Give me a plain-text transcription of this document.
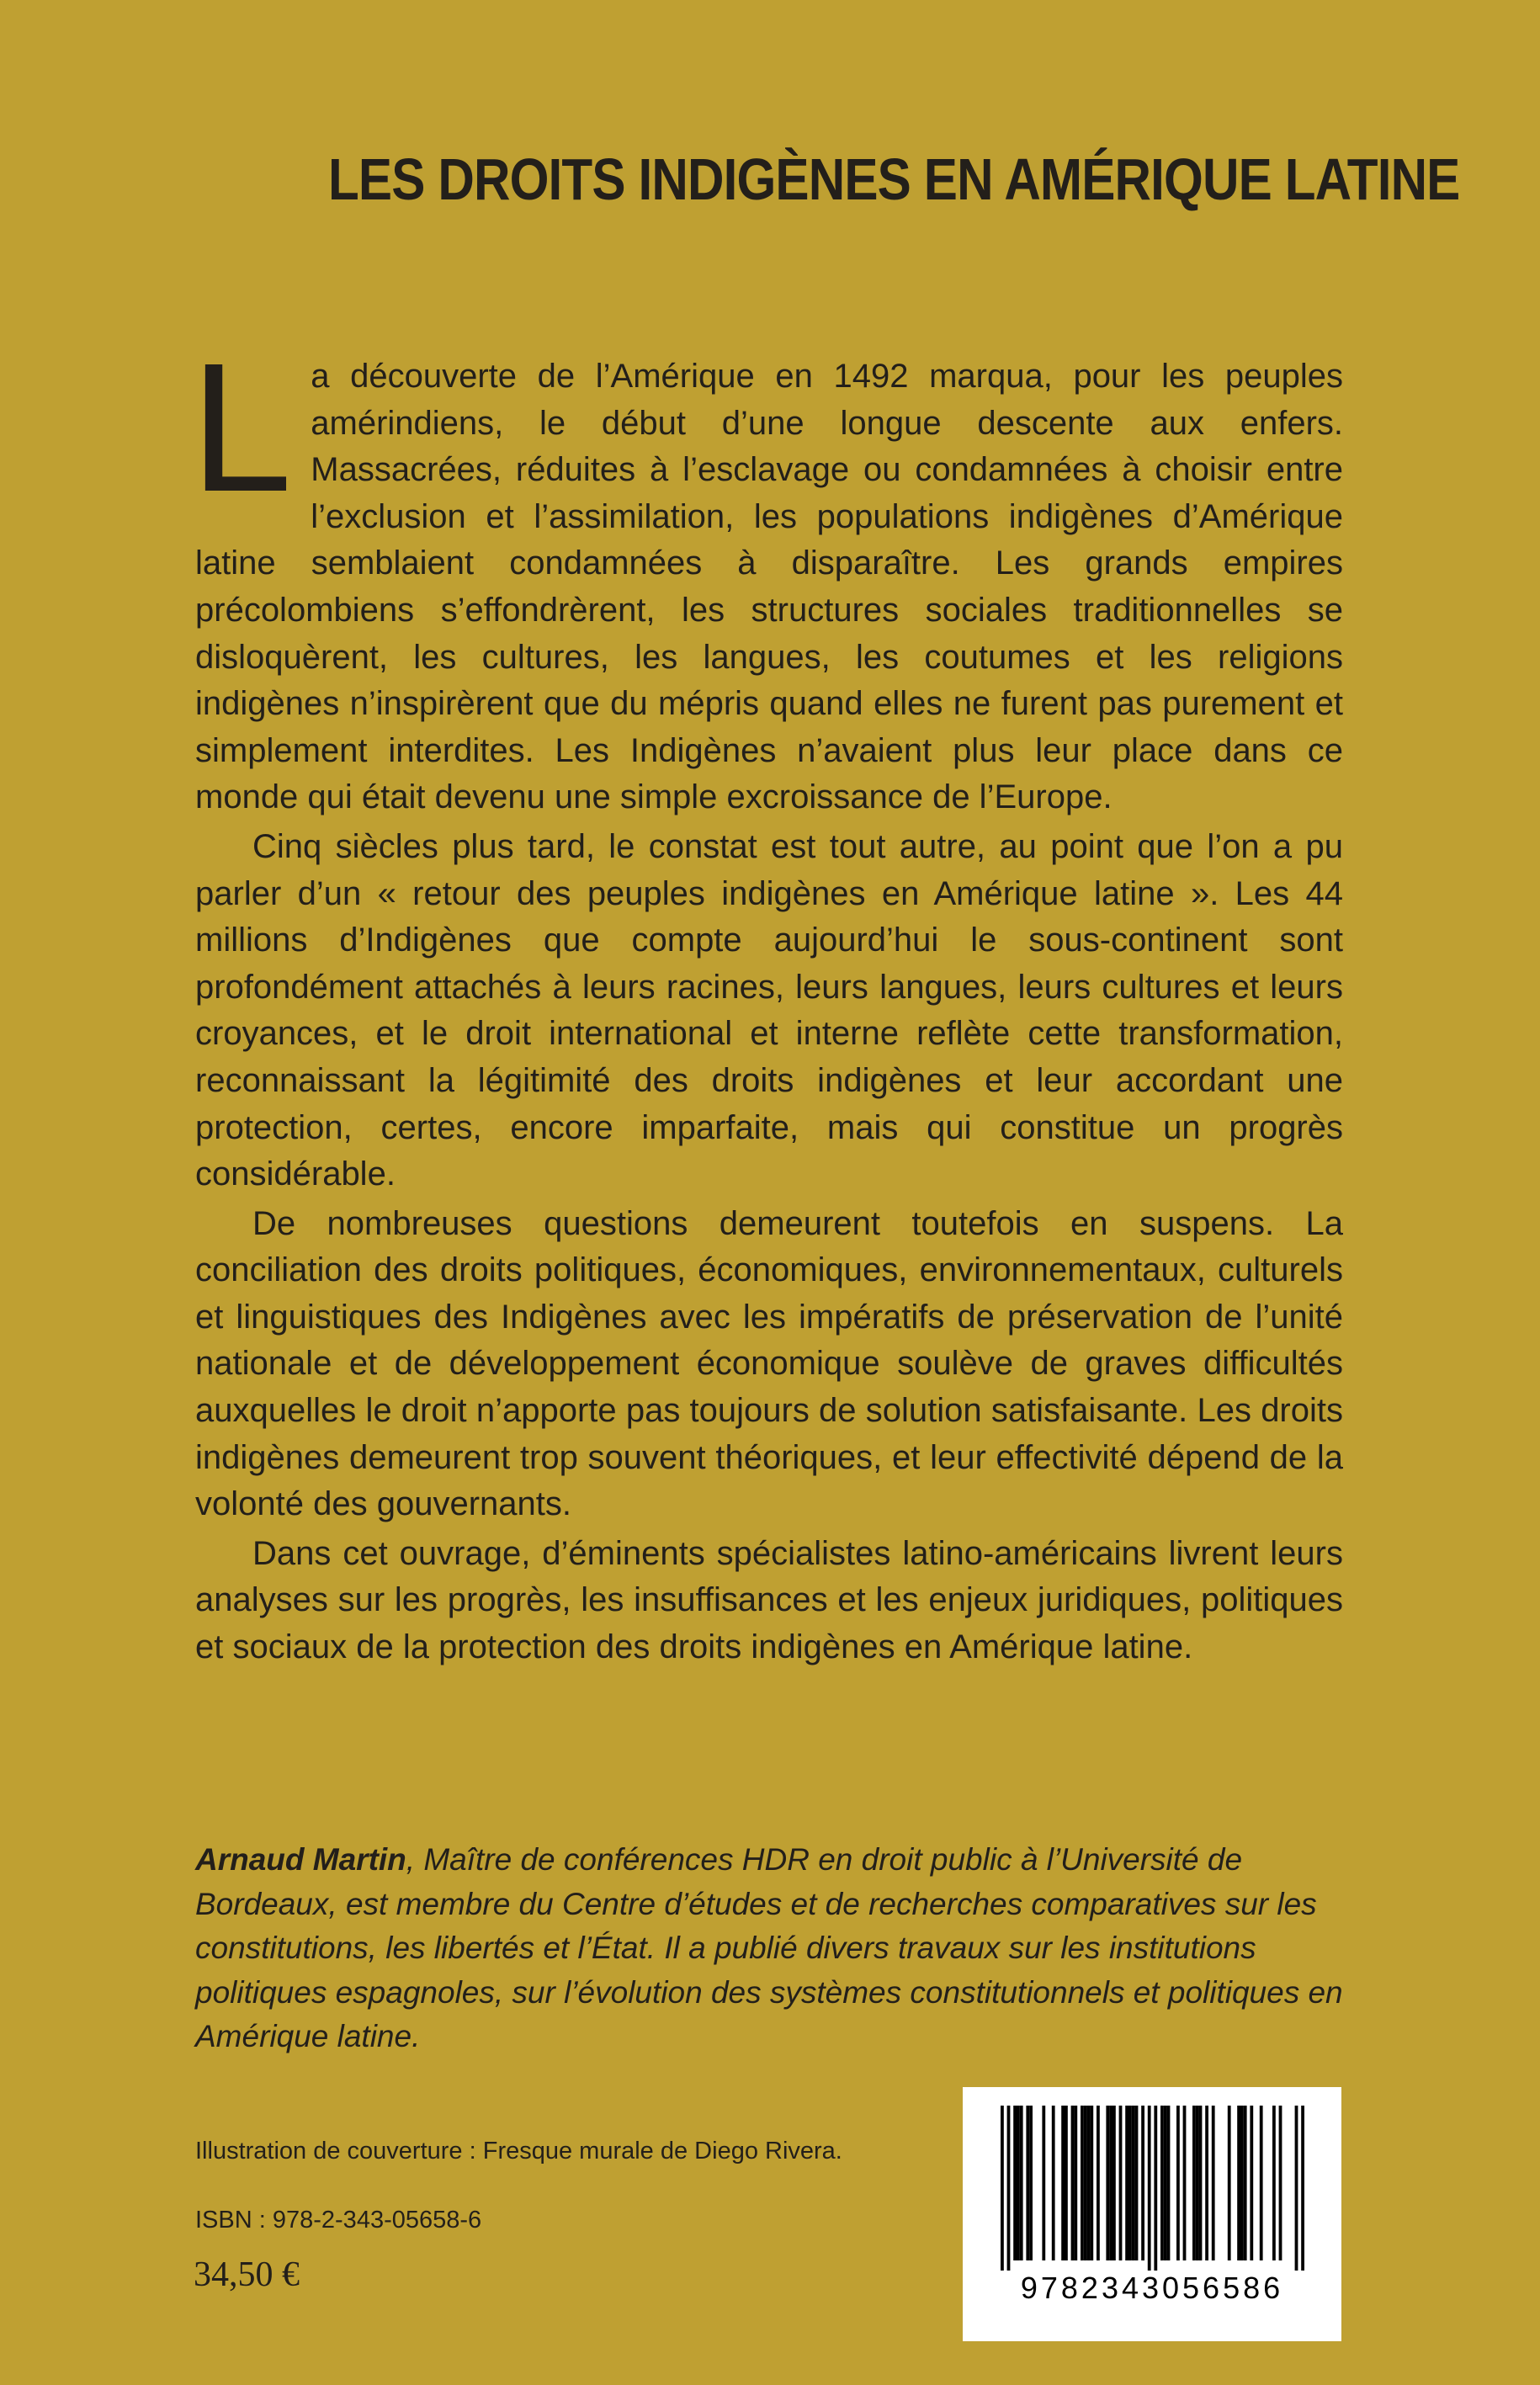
LES DROITS INDIGÈNES EN AMÉRIQUE LATINE

La découverte de l’Amérique en 1492 marqua, pour les peuples amérindiens, le début d’une longue descente aux enfers. Massacrées, réduites à l’esclavage ou condamnées à choisir entre l’exclusion et l’assimilation, les populations indigènes d’Amérique latine semblaient condamnées à disparaître. Les grands empires précolombiens s’effondrèrent, les structures sociales traditionnelles se disloquèrent, les cultures, les langues, les coutumes et les religions indigènes n’inspirèrent que du mépris quand elles ne furent pas purement et simplement interdites. Les Indigènes n’avaient plus leur place dans ce monde qui était devenu une simple excroissance de l’Europe.

Cinq siècles plus tard, le constat est tout autre, au point que l’on a pu parler d’un « retour des peuples indigènes en Amérique latine ». Les 44 millions d’Indigènes que compte aujourd’hui le sous-continent sont profondément attachés à leurs racines, leurs langues, leurs cultures et leurs croyances, et le droit international et interne reflète cette transformation, reconnaissant la légitimité des droits indigènes et leur accordant une protection, certes, encore imparfaite, mais qui constitue un progrès considérable.

De nombreuses questions demeurent toutefois en suspens. La conciliation des droits politiques, économiques, environnementaux, culturels et linguistiques des Indigènes avec les impératifs de préservation de l’unité nationale et de développement économique soulève de graves difficultés auxquelles le droit n’apporte pas toujours de solution satisfaisante. Les droits indigènes demeurent trop souvent théoriques, et leur effectivité dépend de la volonté des gouvernants.

Dans cet ouvrage, d’éminents spécialistes latino-américains livrent leurs analyses sur les progrès, les insuffisances et les enjeux juridiques, politiques et sociaux de la protection des droits indigènes en Amérique latine.

Arnaud Martin, Maître de conférences HDR en droit public à l’Université de Bordeaux, est membre du Centre d’études et de recherches comparatives sur les constitutions, les libertés et l’État. Il a publié divers travaux sur les institutions politiques espagnoles, sur l’évolution des systèmes constitutionnels et politiques en Amérique latine.
Illustration de couverture : Fresque murale de Diego Rivera.
ISBN : 978-2-343-05658-6
34,50 €	9782343056586
